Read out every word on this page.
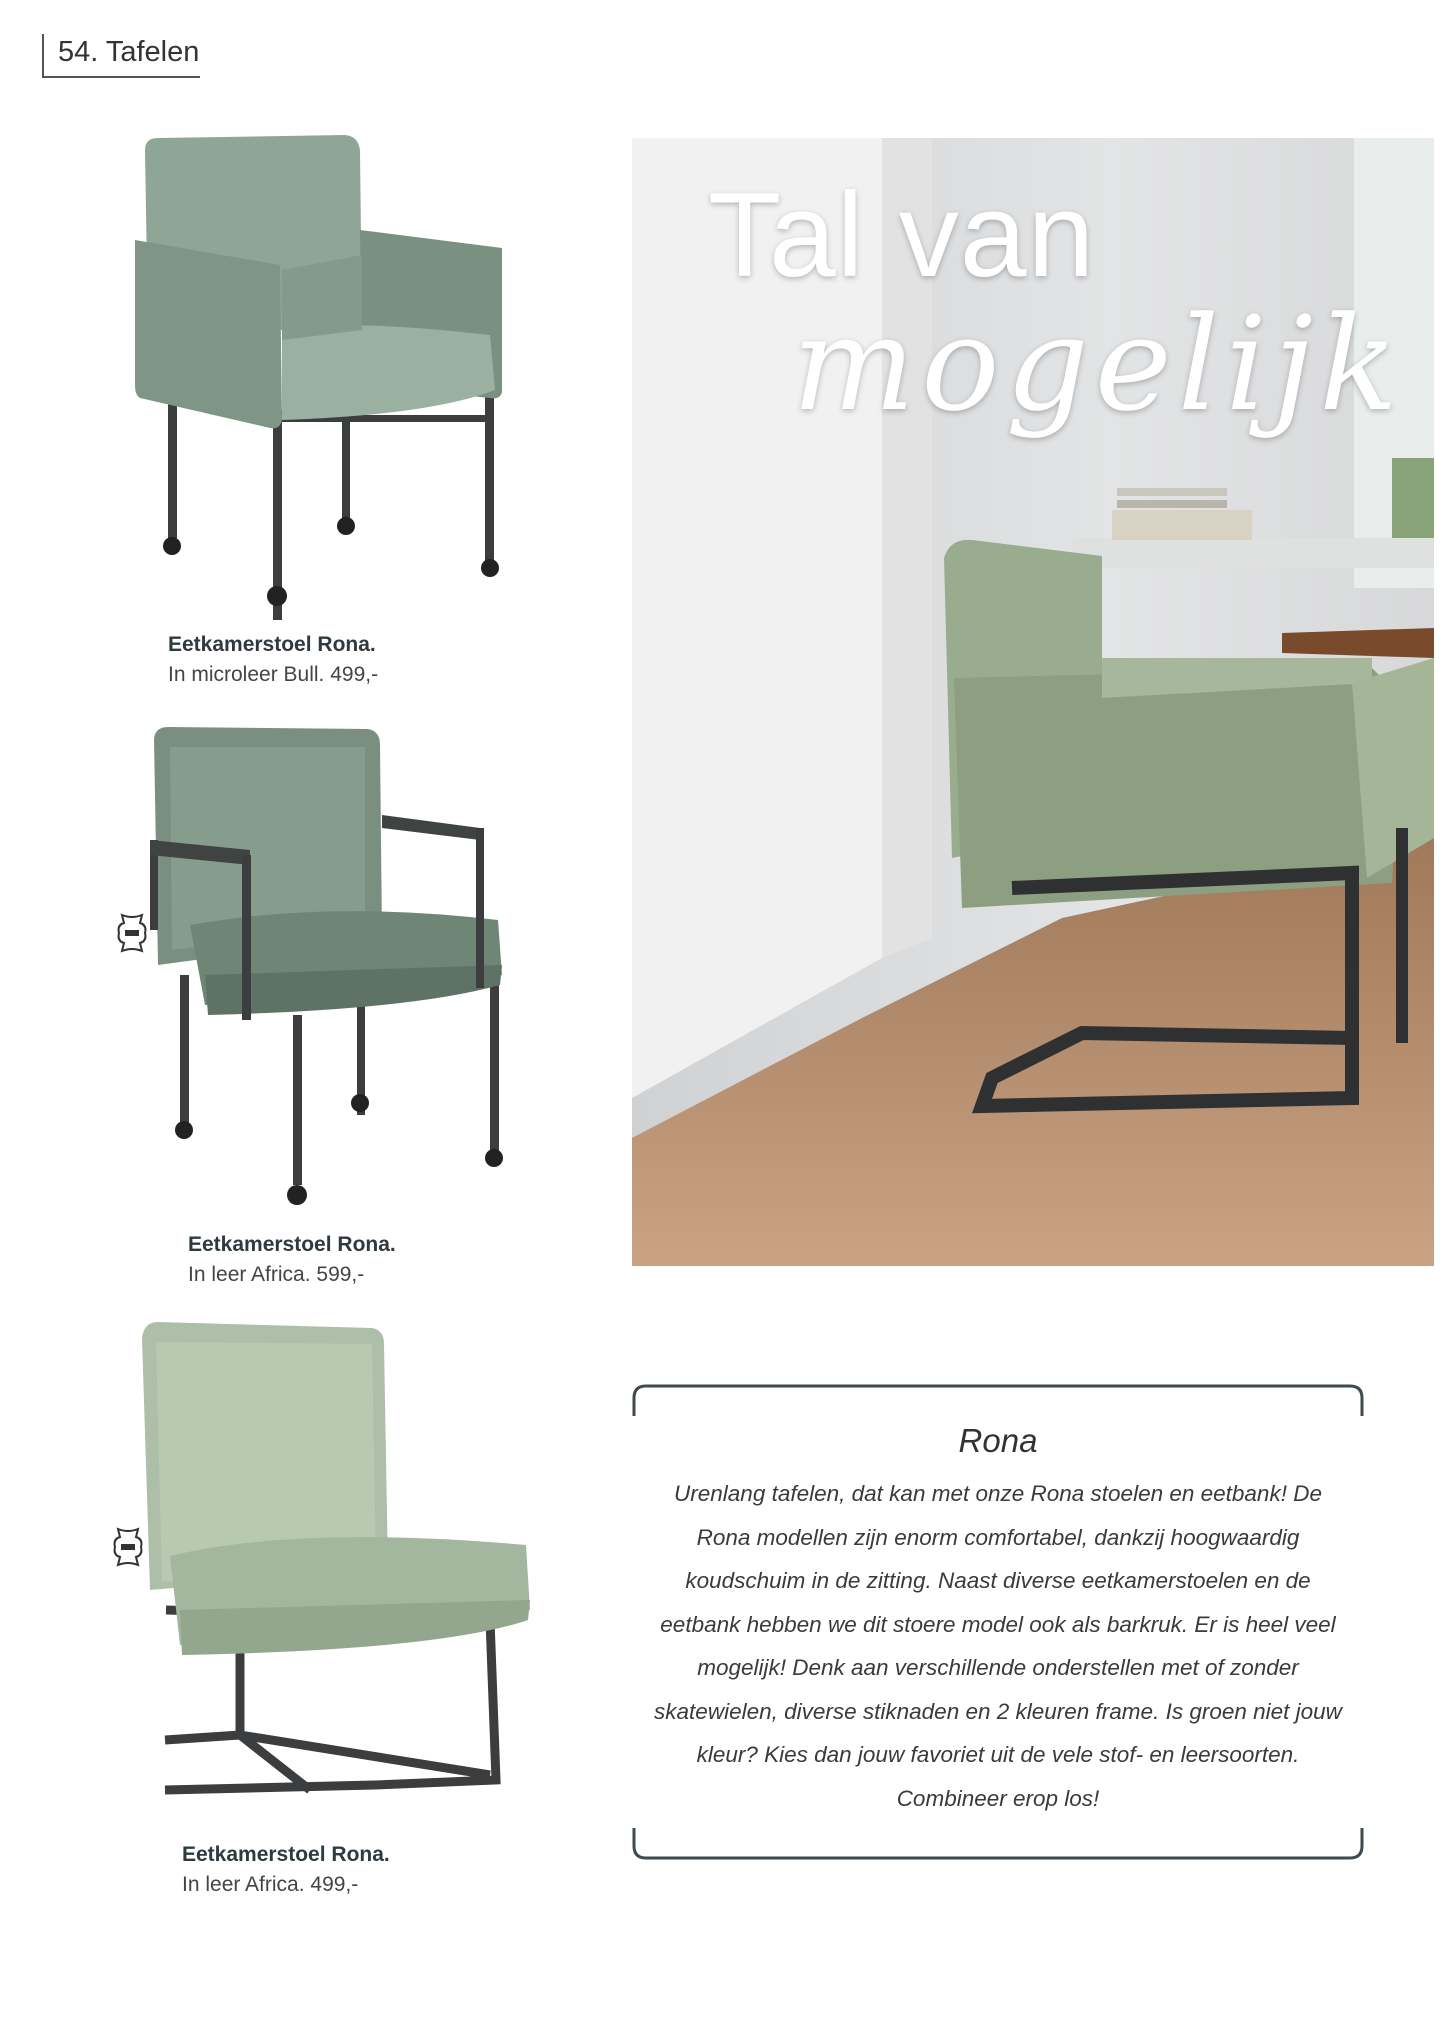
54. Tafelen
Eetkamerstoel Rona.
In microleer Bull. 499,-
Eetkamerstoel Rona.
In leer Africa. 599,-
Eetkamerstoel Rona.
In leer Africa. 499,-
Tal van
mogelijk
Rona
Urenlang tafelen, dat kan met onze Rona stoelen en eetbank! De Rona modellen zijn enorm comfortabel, dankzij hoogwaardig koudschuim in de zitting. Naast diverse eetkamerstoelen en de eetbank hebben we dit stoere model ook als barkruk. Er is heel veel mogelijk! Denk aan verschillende onderstellen met of zonder skatewielen, diverse stiknaden en 2 kleuren frame. Is groen niet jouw kleur? Kies dan jouw favoriet uit de vele stof- en leersoorten. Combineer erop los!
